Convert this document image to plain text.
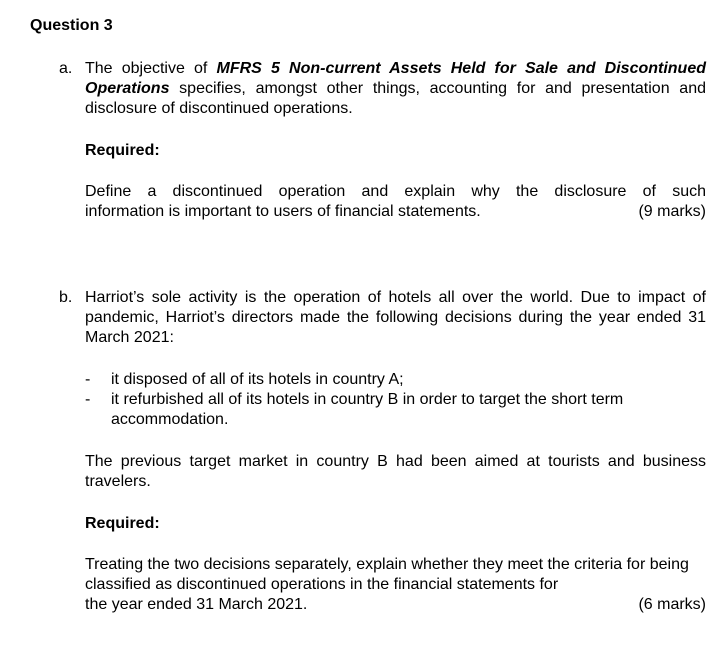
Question 3
a. The objective of MFRS 5 Non-current Assets Held for Sale and Discontinued Operations specifies, amongst other things, accounting for and presentation and disclosure of discontinued operations.

Required:

Define a discontinued operation and explain why the disclosure of such

information is important to users of financial statements.	(9 marks)
b. Harriot’s sole activity is the operation of hotels all over the world. Due to impact of pandemic, Harriot’s directors made the following decisions during the year ended 31 March 2021:

- it disposed of all of its hotels in country A;
- it refurbished all of its hotels in country B in order to target the short term accommodation.

The previous target market in country B had been aimed at tourists and business travelers.

Required:

Treating the two decisions separately, explain whether they meet the criteria for being classified as discontinued operations in the financial statements for

the year ended 31 March 2021.	(6 marks)
